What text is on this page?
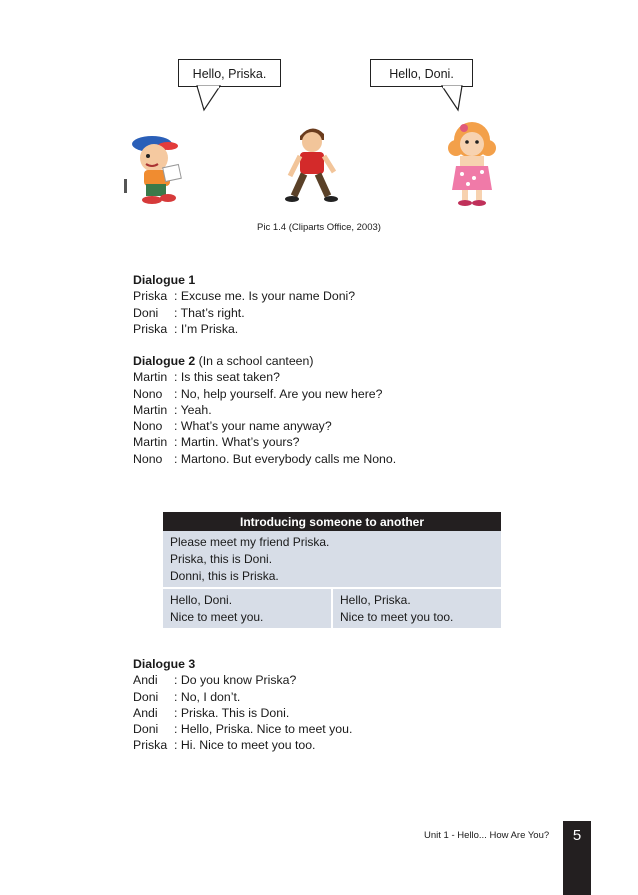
Hello, Priska.	Hello, Doni.
Pic 1.4 (Cliparts Office, 2003)
Dialogue 1
Priska : Excuse me. Is your name Doni?
Doni : That’s right.
Priska : I’m Priska.
Dialogue 2 (In a school canteen)
Martin : Is this seat taken?
Nono : No, help yourself. Are you new here?
Martin : Yeah.
Nono : What’s your name anyway?
Martin : Martin. What’s yours?
Nono : Martono. But everybody calls me Nono.
Introducing someone to another

Please meet my friend Priska.
Priska, this is Doni.
Donni, this is Priska.

Hello, Doni.
Nice to meet you.

Hello, Priska.
Nice to meet you too.
Dialogue 3
Andi : Do you know Priska?
Doni : No, I don’t.
Andi : Priska. This is Doni.
Doni : Hello, Priska. Nice to meet you.
Priska : Hi. Nice to meet you too.
Unit 1 - Hello... How Are You?	5
